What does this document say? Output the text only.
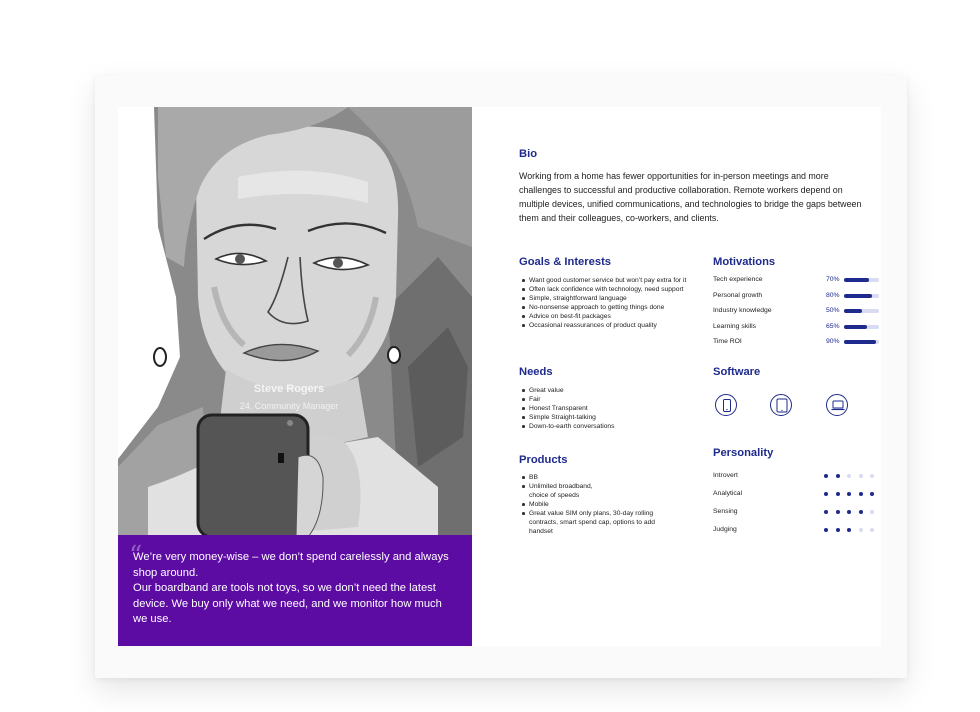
Steve Rogers
24, Community Manager
“

We’re very money-wise – we don’t spend carelessly and always shop around.
Our boardband are tools not toys, so we don’t need the latest device. We buy only what we need, and we monitor how much we use.

Bio
Working from a home has fewer opportunities for in-person meetings and more challenges to successful and productive collaboration. Remote workers depend on multiple devices, unified communications, and technologies to bridge the gaps between them and their colleagues, co-workers, and clients.
Goals & Interests
Want good customer service but won’t pay extra for it
Often lack confidence with technology, need support
Simple, straightforward language
No-nonsense approach to getting things done
Advice on best-fit packages
Occasional reassurances of product quality
Needs
Great value
Fair
Honest Transparent
Simple Straight-talking
Down-to-earth conversations
Products
BB
Unlimited broadband,
choice of speeds
Mobile
Great value SIM only plans, 30-day rolling contracts, smart spend cap, options to add handset
Motivations
Tech experience	70%
Personal growth	80%
Industry knowledge	50%
Learning skills	65%
Time ROI	90%
Software
Personality
Introvert
Analytical
Sensing
Judging
